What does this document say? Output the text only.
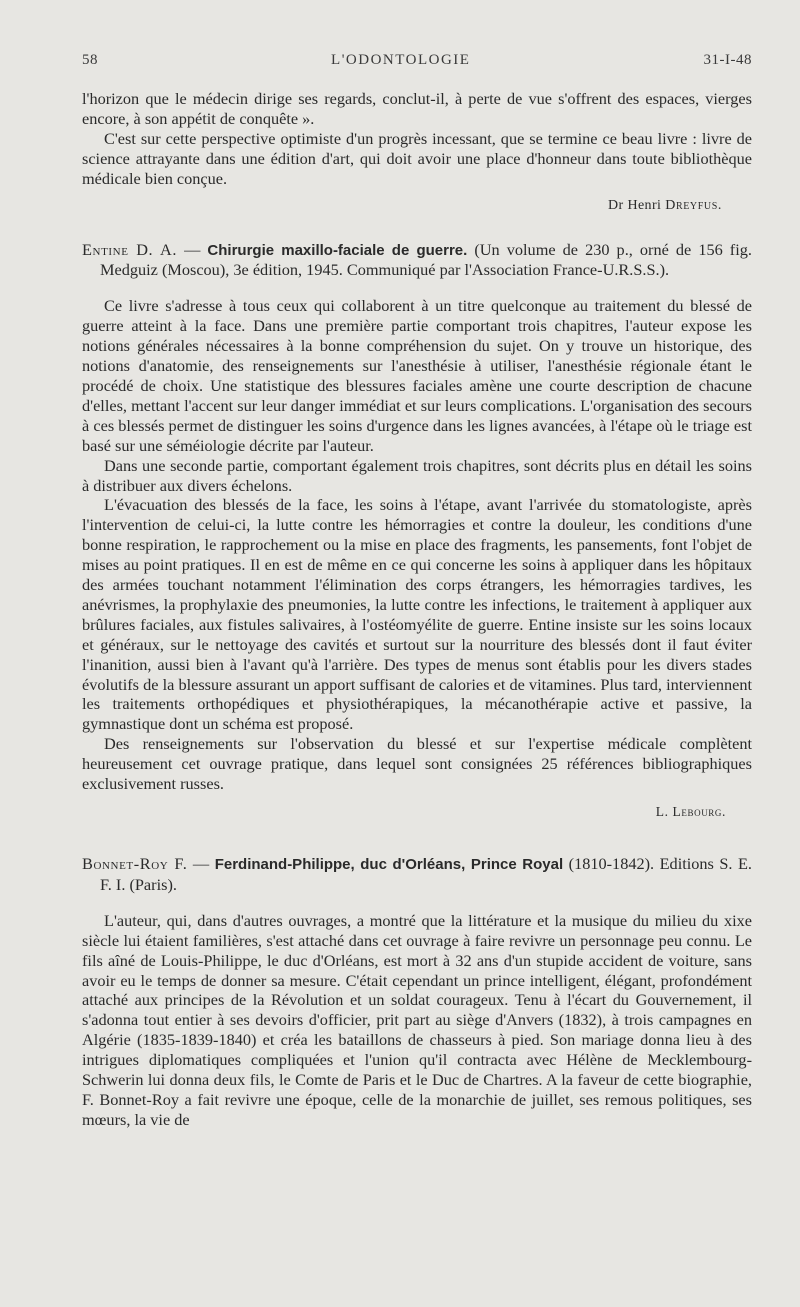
58	L'ODONTOLOGIE	31-I-48

l'horizon que le médecin dirige ses regards, conclut-il, à perte de vue s'offrent des espaces, vierges encore, à son appétit de conquête ».

C'est sur cette perspective optimiste d'un progrès incessant, que se termine ce beau livre : livre de science attrayante dans une édition d'art, qui doit avoir une place d'honneur dans toute bibliothèque médicale bien conçue.

Dr Henri Dreyfus.
Entine D. A. — Chirurgie maxillo-faciale de guerre. (Un volume de 230 p., orné de 156 fig. Medguiz (Moscou), 3e édition, 1945. Communiqué par l'Association France-U.R.S.S.).

Ce livre s'adresse à tous ceux qui collaborent à un titre quelconque au traitement du blessé de guerre atteint à la face. Dans une première partie comportant trois chapitres, l'auteur expose les notions générales nécessaires à la bonne compréhension du sujet. On y trouve un historique, des notions d'anatomie, des renseignements sur l'anesthésie à utiliser, l'anesthésie régionale étant le procédé de choix. Une statistique des blessures faciales amène une courte description de chacune d'elles, mettant l'accent sur leur danger immédiat et sur leurs complications. L'organisation des secours à ces blessés permet de distinguer les soins d'urgence dans les lignes avancées, à l'étape où le triage est basé sur une séméiologie décrite par l'auteur.

Dans une seconde partie, comportant également trois chapitres, sont décrits plus en détail les soins à distribuer aux divers échelons.

L'évacuation des blessés de la face, les soins à l'étape, avant l'arrivée du stomatologiste, après l'intervention de celui-ci, la lutte contre les hémorragies et contre la douleur, les conditions d'une bonne respiration, le rapprochement ou la mise en place des fragments, les pansements, font l'objet de mises au point pratiques. Il en est de même en ce qui concerne les soins à appliquer dans les hôpitaux des armées touchant notamment l'élimination des corps étrangers, les hémorragies tardives, les anévrismes, la prophylaxie des pneumonies, la lutte contre les infections, le traitement à appliquer aux brûlures faciales, aux fistules salivaires, à l'ostéomyélite de guerre. Entine insiste sur les soins locaux et généraux, sur le nettoyage des cavités et surtout sur la nourriture des blessés dont il faut éviter l'inanition, aussi bien à l'avant qu'à l'arrière. Des types de menus sont établis pour les divers stades évolutifs de la blessure assurant un apport suffisant de calories et de vitamines. Plus tard, interviennent les traitements orthopédiques et physiothérapiques, la mécanothérapie active et passive, la gymnastique dont un schéma est proposé.

Des renseignements sur l'observation du blessé et sur l'expertise médicale complètent heureusement cet ouvrage pratique, dans lequel sont consignées 25 références bibliographiques exclusivement russes.

L. Lebourg.
Bonnet-Roy F. — Ferdinand-Philippe, duc d'Orléans, Prince Royal (1810-1842). Editions S. E. F. I. (Paris).

L'auteur, qui, dans d'autres ouvrages, a montré que la littérature et la musique du milieu du xixe siècle lui étaient familières, s'est attaché dans cet ouvrage à faire revivre un personnage peu connu. Le fils aîné de Louis-Philippe, le duc d'Orléans, est mort à 32 ans d'un stupide accident de voiture, sans avoir eu le temps de donner sa mesure. C'était cependant un prince intelligent, élégant, profondément attaché aux principes de la Révolution et un soldat courageux. Tenu à l'écart du Gouvernement, il s'adonna tout entier à ses devoirs d'officier, prit part au siège d'Anvers (1832), à trois campagnes en Algérie (1835-1839-1840) et créa les bataillons de chasseurs à pied. Son mariage donna lieu à des intrigues diplomatiques compliquées et l'union qu'il contracta avec Hélène de Mecklembourg-Schwerin lui donna deux fils, le Comte de Paris et le Duc de Chartres. A la faveur de cette biographie, F. Bonnet-Roy a fait revivre une époque, celle de la monarchie de juillet, ses remous politiques, ses mœurs, la vie de
